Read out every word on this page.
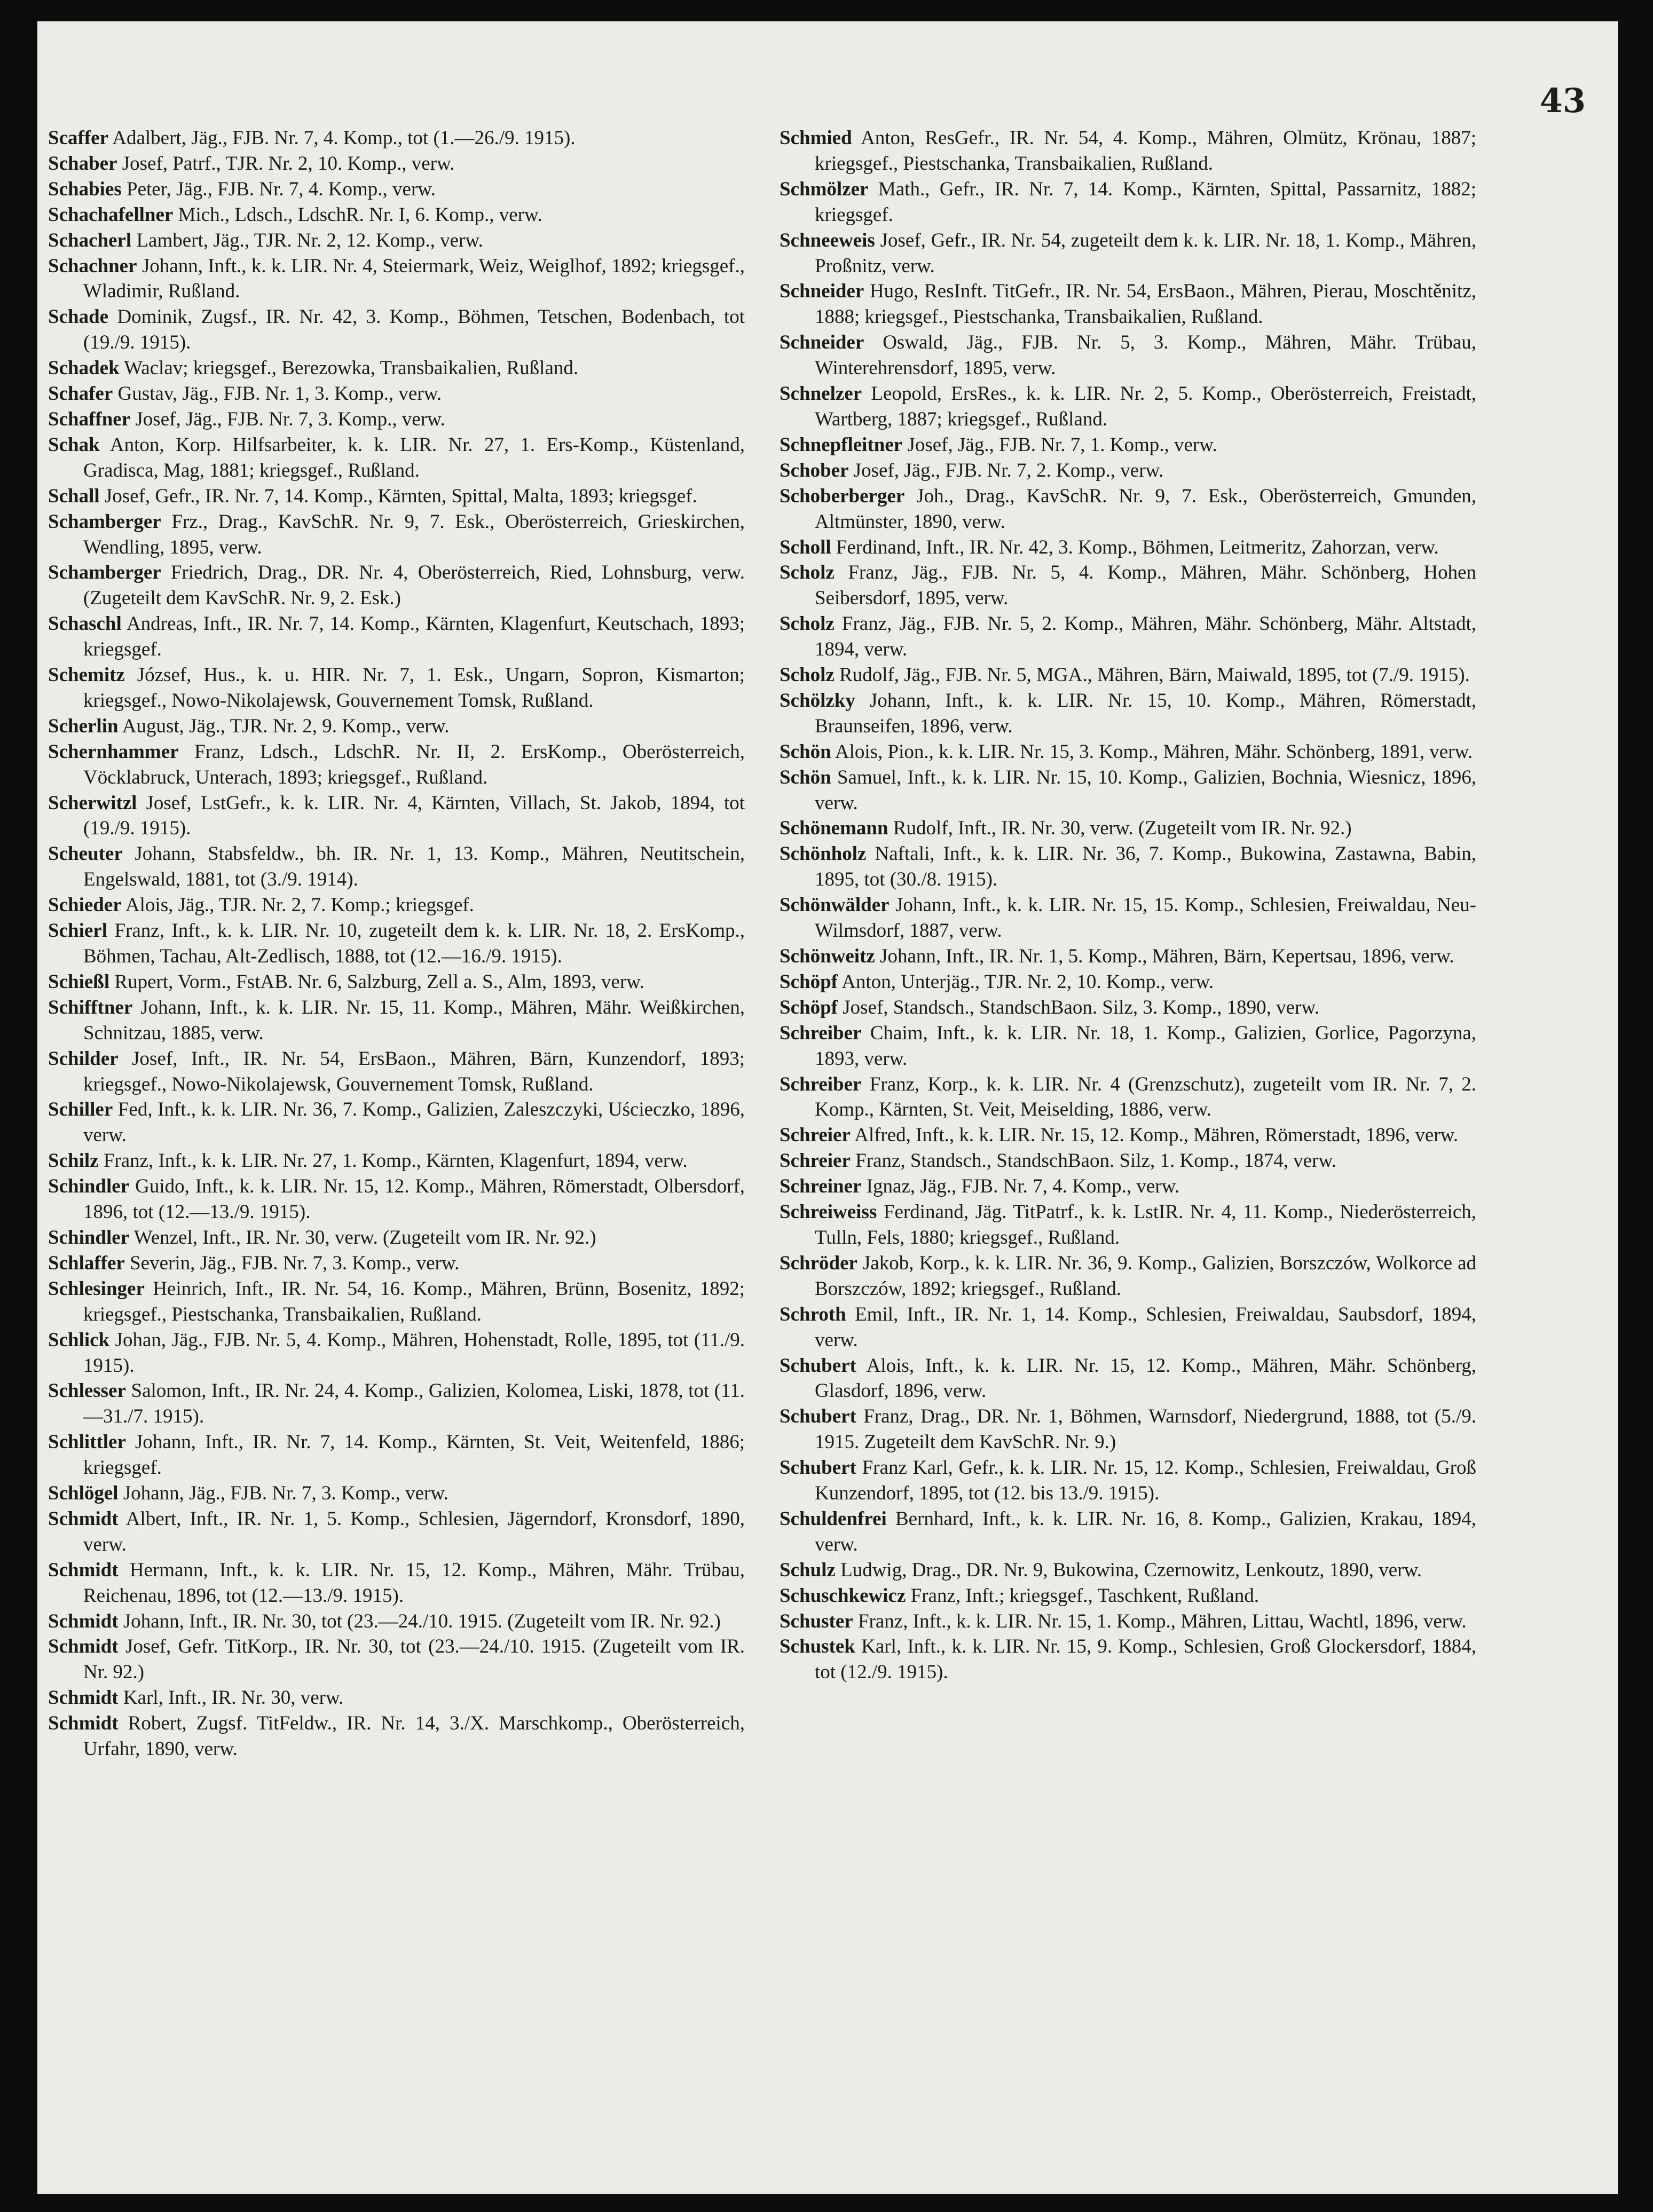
43
Scaffer Adalbert, Jäg., FJB. Nr. 7, 4. Komp., tot (1.—26./9. 1915).
Schaber Josef, Patrf., TJR. Nr. 2, 10. Komp., verw.
Schabies Peter, Jäg., FJB. Nr. 7, 4. Komp., verw.
Schachafellner Mich., Ldsch., LdschR. Nr. I, 6. Komp., verw.
Schacherl Lambert, Jäg., TJR. Nr. 2, 12. Komp., verw.
Schachner Johann, Inft., k. k. LIR. Nr. 4, Steiermark, Weiz, Weiglhof, 1892; kriegsgef., Wladimir, Rußland.
Schade Dominik, Zugsf., IR. Nr. 42, 3. Komp., Böhmen, Tetschen, Bodenbach, tot (19./9. 1915).
Schadek Waclav; kriegsgef., Berezowka, Transbaikalien, Rußland.
Schafer Gustav, Jäg., FJB. Nr. 1, 3. Komp., verw.
Schaffner Josef, Jäg., FJB. Nr. 7, 3. Komp., verw.
Schak Anton, Korp. Hilfsarbeiter, k. k. LIR. Nr. 27, 1. Ers-Komp., Küstenland, Gradisca, Mag, 1881; kriegsgef., Rußland.
Schall Josef, Gefr., IR. Nr. 7, 14. Komp., Kärnten, Spittal, Malta, 1893; kriegsgef.
Schamberger Frz., Drag., KavSchR. Nr. 9, 7. Esk., Oberösterreich, Grieskirchen, Wendling, 1895, verw.
Schamberger Friedrich, Drag., DR. Nr. 4, Oberösterreich, Ried, Lohnsburg, verw. (Zugeteilt dem KavSchR. Nr. 9, 2. Esk.)
Schaschl Andreas, Inft., IR. Nr. 7, 14. Komp., Kärnten, Klagenfurt, Keutschach, 1893; kriegsgef.
Schemitz József, Hus., k. u. HIR. Nr. 7, 1. Esk., Ungarn, Sopron, Kismarton; kriegsgef., Nowo-Nikolajewsk, Gouvernement Tomsk, Rußland.
Scherlin August, Jäg., TJR. Nr. 2, 9. Komp., verw.
Schernhammer Franz, Ldsch., LdschR. Nr. II, 2. ErsKomp., Oberösterreich, Vöcklabruck, Unterach, 1893; kriegsgef., Rußland.
Scherwitzl Josef, LstGefr., k. k. LIR. Nr. 4, Kärnten, Villach, St. Jakob, 1894, tot (19./9. 1915).
Scheuter Johann, Stabsfeldw., bh. IR. Nr. 1, 13. Komp., Mähren, Neutitschein, Engelswald, 1881, tot (3./9. 1914).
Schieder Alois, Jäg., TJR. Nr. 2, 7. Komp.; kriegsgef.
Schierl Franz, Inft., k. k. LIR. Nr. 10, zugeteilt dem k. k. LIR. Nr. 18, 2. ErsKomp., Böhmen, Tachau, Alt-Zedlisch, 1888, tot (12.—16./9. 1915).
Schießl Rupert, Vorm., FstAB. Nr. 6, Salzburg, Zell a. S., Alm, 1893, verw.
Schifftner Johann, Inft., k. k. LIR. Nr. 15, 11. Komp., Mähren, Mähr. Weißkirchen, Schnitzau, 1885, verw.
Schilder Josef, Inft., IR. Nr. 54, ErsBaon., Mähren, Bärn, Kunzendorf, 1893; kriegsgef., Nowo-Nikolajewsk, Gouvernement Tomsk, Rußland.
Schiller Fed, Inft., k. k. LIR. Nr. 36, 7. Komp., Galizien, Zaleszczyki, Uścieczko, 1896, verw.
Schilz Franz, Inft., k. k. LIR. Nr. 27, 1. Komp., Kärnten, Klagenfurt, 1894, verw.
Schindler Guido, Inft., k. k. LIR. Nr. 15, 12. Komp., Mähren, Römerstadt, Olbersdorf, 1896, tot (12.—13./9. 1915).
Schindler Wenzel, Inft., IR. Nr. 30, verw. (Zugeteilt vom IR. Nr. 92.)
Schlaffer Severin, Jäg., FJB. Nr. 7, 3. Komp., verw.
Schlesinger Heinrich, Inft., IR. Nr. 54, 16. Komp., Mähren, Brünn, Bosenitz, 1892; kriegsgef., Piestschanka, Transbaikalien, Rußland.
Schlick Johan, Jäg., FJB. Nr. 5, 4. Komp., Mähren, Hohenstadt, Rolle, 1895, tot (11./9. 1915).
Schlesser Salomon, Inft., IR. Nr. 24, 4. Komp., Galizien, Kolomea, Liski, 1878, tot (11.—31./7. 1915).
Schlittler Johann, Inft., IR. Nr. 7, 14. Komp., Kärnten, St. Veit, Weitenfeld, 1886; kriegsgef.
Schlögel Johann, Jäg., FJB. Nr. 7, 3. Komp., verw.
Schmidt Albert, Inft., IR. Nr. 1, 5. Komp., Schlesien, Jägerndorf, Kronsdorf, 1890, verw.
Schmidt Hermann, Inft., k. k. LIR. Nr. 15, 12. Komp., Mähren, Mähr. Trübau, Reichenau, 1896, tot (12.—13./9. 1915).
Schmidt Johann, Inft., IR. Nr. 30, tot (23.—24./10. 1915. (Zugeteilt vom IR. Nr. 92.)
Schmidt Josef, Gefr. TitKorp., IR. Nr. 30, tot (23.—24./10. 1915. (Zugeteilt vom IR. Nr. 92.)
Schmidt Karl, Inft., IR. Nr. 30, verw.
Schmidt Robert, Zugsf. TitFeldw., IR. Nr. 14, 3./X. Marschkomp., Oberösterreich, Urfahr, 1890, verw.
Schmied Anton, ResGefr., IR. Nr. 54, 4. Komp., Mähren, Olmütz, Krönau, 1887; kriegsgef., Piestschanka, Transbaikalien, Rußland.
Schmölzer Math., Gefr., IR. Nr. 7, 14. Komp., Kärnten, Spittal, Passarnitz, 1882; kriegsgef.
Schneeweis Josef, Gefr., IR. Nr. 54, zugeteilt dem k. k. LIR. Nr. 18, 1. Komp., Mähren, Proßnitz, verw.
Schneider Hugo, ResInft. TitGefr., IR. Nr. 54, ErsBaon., Mähren, Pierau, Moschtěnitz, 1888; kriegsgef., Piestschanka, Transbaikalien, Rußland.
Schneider Oswald, Jäg., FJB. Nr. 5, 3. Komp., Mähren, Mähr. Trübau, Winterehrensdorf, 1895, verw.
Schnelzer Leopold, ErsRes., k. k. LIR. Nr. 2, 5. Komp., Oberösterreich, Freistadt, Wartberg, 1887; kriegsgef., Rußland.
Schnepfleitner Josef, Jäg., FJB. Nr. 7, 1. Komp., verw.
Schober Josef, Jäg., FJB. Nr. 7, 2. Komp., verw.
Schoberberger Joh., Drag., KavSchR. Nr. 9, 7. Esk., Oberösterreich, Gmunden, Altmünster, 1890, verw.
Scholl Ferdinand, Inft., IR. Nr. 42, 3. Komp., Böhmen, Leitmeritz, Zahorzan, verw.
Scholz Franz, Jäg., FJB. Nr. 5, 4. Komp., Mähren, Mähr. Schönberg, Hohen Seibersdorf, 1895, verw.
Scholz Franz, Jäg., FJB. Nr. 5, 2. Komp., Mähren, Mähr. Schönberg, Mähr. Altstadt, 1894, verw.
Scholz Rudolf, Jäg., FJB. Nr. 5, MGA., Mähren, Bärn, Maiwald, 1895, tot (7./9. 1915).
Schölzky Johann, Inft., k. k. LIR. Nr. 15, 10. Komp., Mähren, Römerstadt, Braunseifen, 1896, verw.
Schön Alois, Pion., k. k. LIR. Nr. 15, 3. Komp., Mähren, Mähr. Schönberg, 1891, verw.
Schön Samuel, Inft., k. k. LIR. Nr. 15, 10. Komp., Galizien, Bochnia, Wiesnicz, 1896, verw.
Schönemann Rudolf, Inft., IR. Nr. 30, verw. (Zugeteilt vom IR. Nr. 92.)
Schönholz Naftali, Inft., k. k. LIR. Nr. 36, 7. Komp., Bukowina, Zastawna, Babin, 1895, tot (30./8. 1915).
Schönwälder Johann, Inft., k. k. LIR. Nr. 15, 15. Komp., Schlesien, Freiwaldau, Neu-Wilmsdorf, 1887, verw.
Schönweitz Johann, Inft., IR. Nr. 1, 5. Komp., Mähren, Bärn, Kepertsau, 1896, verw.
Schöpf Anton, Unterjäg., TJR. Nr. 2, 10. Komp., verw.
Schöpf Josef, Standsch., StandschBaon. Silz, 3. Komp., 1890, verw.
Schreiber Chaim, Inft., k. k. LIR. Nr. 18, 1. Komp., Galizien, Gorlice, Pagorzyna, 1893, verw.
Schreiber Franz, Korp., k. k. LIR. Nr. 4 (Grenzschutz), zugeteilt vom IR. Nr. 7, 2. Komp., Kärnten, St. Veit, Meiselding, 1886, verw.
Schreier Alfred, Inft., k. k. LIR. Nr. 15, 12. Komp., Mähren, Römerstadt, 1896, verw.
Schreier Franz, Standsch., StandschBaon. Silz, 1. Komp., 1874, verw.
Schreiner Ignaz, Jäg., FJB. Nr. 7, 4. Komp., verw.
Schreiweiss Ferdinand, Jäg. TitPatrf., k. k. LstIR. Nr. 4, 11. Komp., Niederösterreich, Tulln, Fels, 1880; kriegsgef., Rußland.
Schröder Jakob, Korp., k. k. LIR. Nr. 36, 9. Komp., Galizien, Borszczów, Wolkorce ad Borszczów, 1892; kriegsgef., Rußland.
Schroth Emil, Inft., IR. Nr. 1, 14. Komp., Schlesien, Freiwaldau, Saubsdorf, 1894, verw.
Schubert Alois, Inft., k. k. LIR. Nr. 15, 12. Komp., Mähren, Mähr. Schönberg, Glasdorf, 1896, verw.
Schubert Franz, Drag., DR. Nr. 1, Böhmen, Warnsdorf, Niedergrund, 1888, tot (5./9. 1915. Zugeteilt dem KavSchR. Nr. 9.)
Schubert Franz Karl, Gefr., k. k. LIR. Nr. 15, 12. Komp., Schlesien, Freiwaldau, Groß Kunzendorf, 1895, tot (12. bis 13./9. 1915).
Schuldenfrei Bernhard, Inft., k. k. LIR. Nr. 16, 8. Komp., Galizien, Krakau, 1894, verw.
Schulz Ludwig, Drag., DR. Nr. 9, Bukowina, Czernowitz, Lenkoutz, 1890, verw.
Schuschkewicz Franz, Inft.; kriegsgef., Taschkent, Rußland.
Schuster Franz, Inft., k. k. LIR. Nr. 15, 1. Komp., Mähren, Littau, Wachtl, 1896, verw.
Schustek Karl, Inft., k. k. LIR. Nr. 15, 9. Komp., Schlesien, Groß Glockersdorf, 1884, tot (12./9. 1915).
